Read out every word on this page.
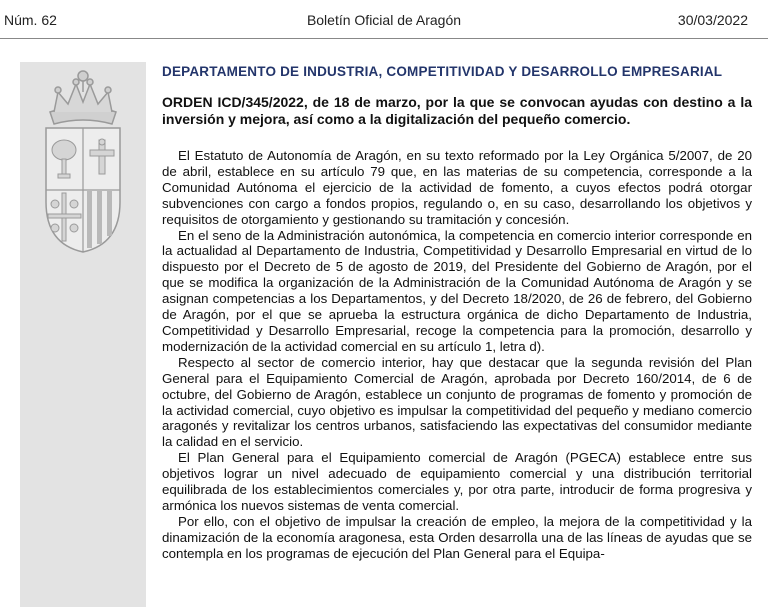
Núm. 62	Boletín Oficial de Aragón	30/03/2022
DEPARTAMENTO DE INDUSTRIA, COMPETITIVIDAD Y DESARROLLO EMPRESARIAL
ORDEN ICD/345/2022, de 18 de marzo, por la que se convocan ayudas con destino a la inversión y mejora, así como a la digitalización del pequeño comercio.

El Estatuto de Autonomía de Aragón, en su texto reformado por la Ley Orgánica 5/2007, de 20 de abril, establece en su artículo 79 que, en las materias de su competencia, corresponde a la Comunidad Autónoma el ejercicio de la actividad de fomento, a cuyos efectos podrá otorgar subvenciones con cargo a fondos propios, regulando o, en su caso, desarrollando los objetivos y requisitos de otorgamiento y gestionando su tramitación y concesión.

En el seno de la Administración autonómica, la competencia en comercio interior corresponde en la actualidad al Departamento de Industria, Competitividad y Desarrollo Empresarial en virtud de lo dispuesto por el Decreto de 5 de agosto de 2019, del Presidente del Gobierno de Aragón, por el que se modifica la organización de la Administración de la Comunidad Autónoma de Aragón y se asignan competencias a los Departamentos, y del Decreto 18/2020, de 26 de febrero, del Gobierno de Aragón, por el que se aprueba la estructura orgánica de dicho Departamento de Industria, Competitividad y Desarrollo Empresarial, recoge la competencia para la promoción, desarrollo y modernización de la actividad comercial en su artículo 1, letra d).

Respecto al sector de comercio interior, hay que destacar que la segunda revisión del Plan General para el Equipamiento Comercial de Aragón, aprobada por Decreto 160/2014, de 6 de octubre, del Gobierno de Aragón, establece un conjunto de programas de fomento y promoción de la actividad comercial, cuyo objetivo es impulsar la competitividad del pequeño y mediano comercio aragonés y revitalizar los centros urbanos, satisfaciendo las expectativas del consumidor mediante la calidad en el servicio.

El Plan General para el Equipamiento comercial de Aragón (PGECA) establece entre sus objetivos lograr un nivel adecuado de equipamiento comercial y una distribución territorial equilibrada de los establecimientos comerciales y, por otra parte, introducir de forma progresiva y armónica los nuevos sistemas de venta comercial.

Por ello, con el objetivo de impulsar la creación de empleo, la mejora de la competitividad y la dinamización de la economía aragonesa, esta Orden desarrolla una de las líneas de ayudas que se contempla en los programas de ejecución del Plan General para el Equipa-
